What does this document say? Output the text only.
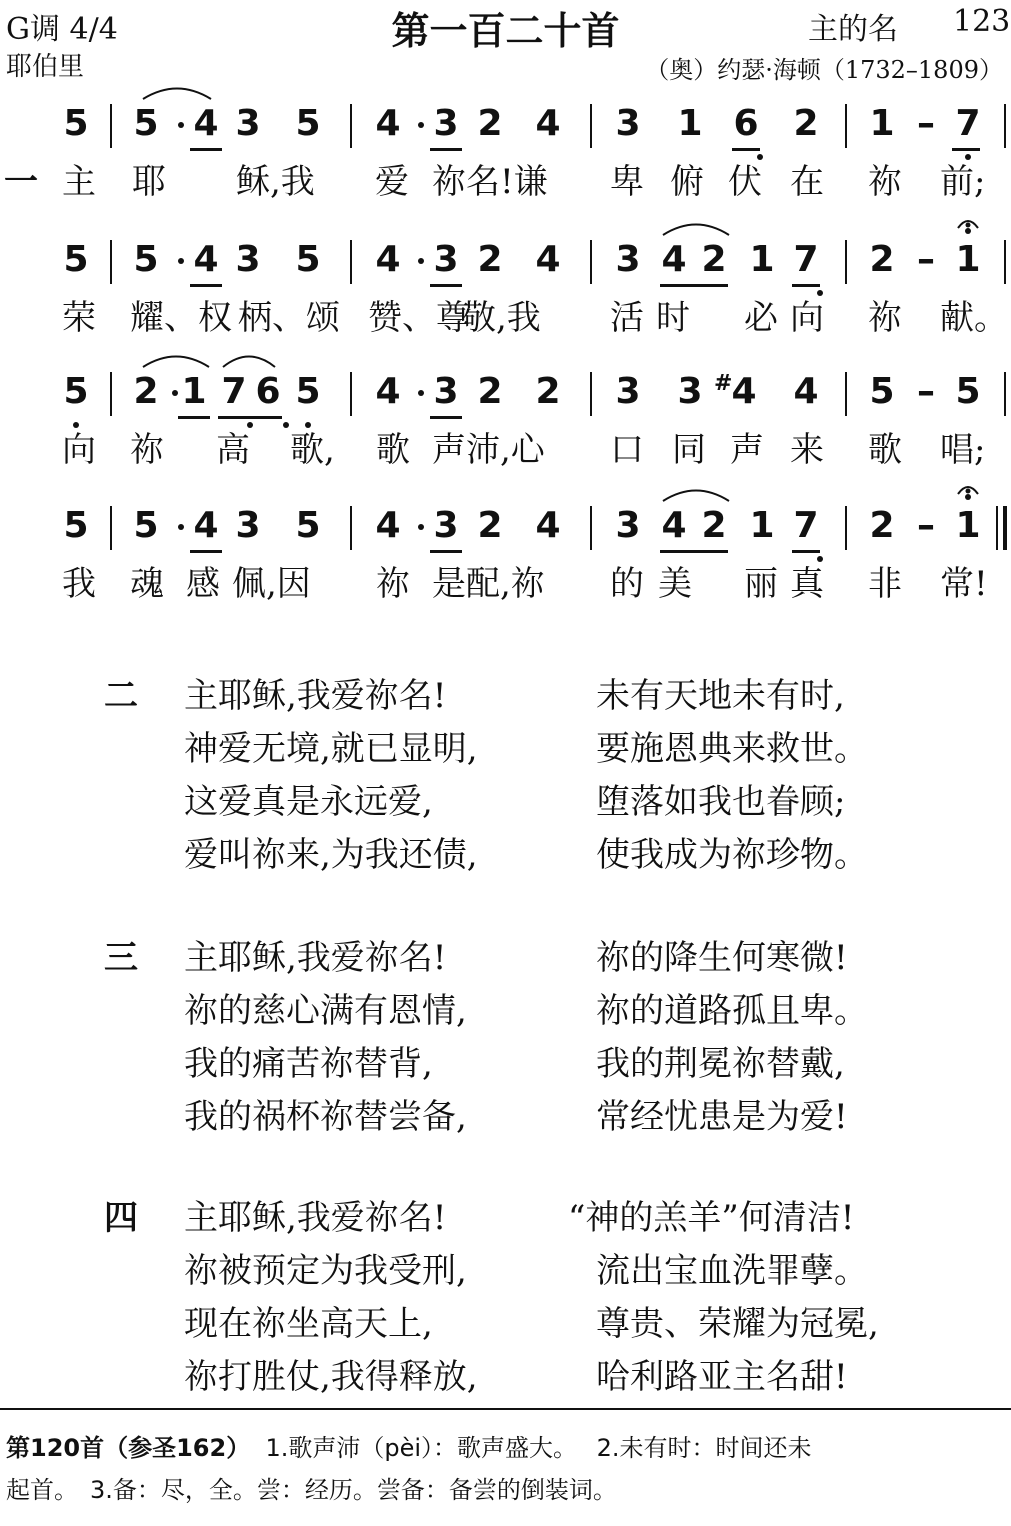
G调 4/4
耶伯里
第一百二十首	主的名 123
（奥）约瑟·海顿（1732–1809）
5 5 4 3 5 4 3 2 4 3 1 6 2 1 – 7
主 耶 稣,我 爱 祢 名!谦 卑 俯 伏 在 祢 前;
一
5 5 4 3 5 4 3 2 4 3 4 2 1 7 2 – 1
荣 耀、权 柄、颂 赞、尊
敬,我 活 时 必 向 祢 献。
5 2 1 7 6 5 4 3 2 2 3 3 4 4 5 – 5
#
向 祢 高 歌, 歌 声 沛,心 口 同 声 来 歌 唱;
5 5 4 3 5 4 3 2 4 3 4 2 1 7 2 – 1
我 魂 感 佩,因 祢 是 配,祢 的 美 丽 真 非 常!
二 主耶稣,我爱祢名!	未有天地未有时,
神爱无境,就已显明,	要施恩典来救世。
这爱真是永远爱,	堕落如我也眷顾;
爱叫祢来,为我还债,	使我成为祢珍物。
三 主耶稣,我爱祢名!	祢的降生何寒微!
祢的慈心满有恩情,	祢的道路孤且卑。
我的痛苦祢替背,	我的荆冕祢替戴,
我的祸杯祢替尝备,	常经忧患是为爱!
四 主耶稣,我爱祢名!	“神的羔羊”何清洁!
祢被预定为我受刑,	流出宝血洗罪孽。
现在祢坐高天上,	尊贵、荣耀为冠冕,
祢打胜仗,我得释放,	哈利路亚主名甜!
第120首（参圣162） 1.歌声沛（pèi）：歌声盛大。　 2.未有时：时间还未
起首。　3.备：尽，全。尝：经历。尝备：备尝的倒装词。
